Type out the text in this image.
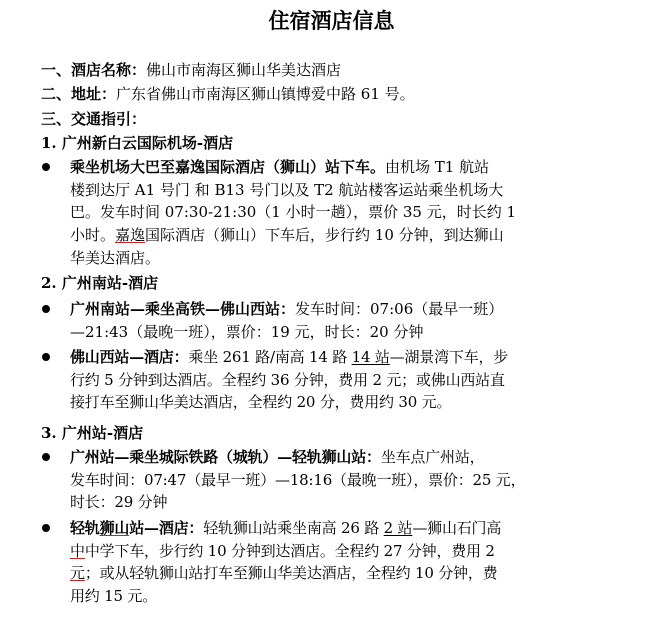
住宿酒店信息
一、酒店名称：佛山市南海区狮山华美达酒店
二、地址：广东省佛山市南海区狮山镇博爱中路 61 号。
三、交通指引：
1. 广州新白云国际机场-酒店
乘坐机场大巴至嘉逸国际酒店（狮山）站下车。由机场 T1 航站
楼到达厅 A1 号门 和 B13 号门以及 T2 航站楼客运站乘坐机场大
巴。发车时间 07:30-21:30（1 小时一趟），票价 35 元，时长约 1
小时。嘉逸国际酒店（狮山）下车后，步行约 10 分钟，到达狮山
华美达酒店。
2. 广州南站-酒店
广州南站—乘坐高铁—佛山西站：发车时间：07:06（最早一班）
—21:43（最晚一班），票价：19 元，时长：20 分钟
佛山西站—酒店：乘坐 261 路/南高 14 路 14 站—湖景湾下车，步
行约 5 分钟到达酒店。全程约 36 分钟，费用 2 元；或佛山西站直
接打车至狮山华美达酒店，全程约 20 分，费用约 30 元。
3. 广州站-酒店
广州站—乘坐城际铁路（城轨）—轻轨狮山站：坐车点广州站，
发车时间：07:47（最早一班）—18:16（最晚一班），票价：25 元，
时长：29 分钟
轻轨狮山站—酒店：轻轨狮山站乘坐南高 26 路 2 站—狮山石门高
中中学下车，步行约 10 分钟到达酒店。全程约 27 分钟，费用 2
元；或从轻轨狮山站打车至狮山华美达酒店，全程约 10 分钟，费
用约 15 元。
